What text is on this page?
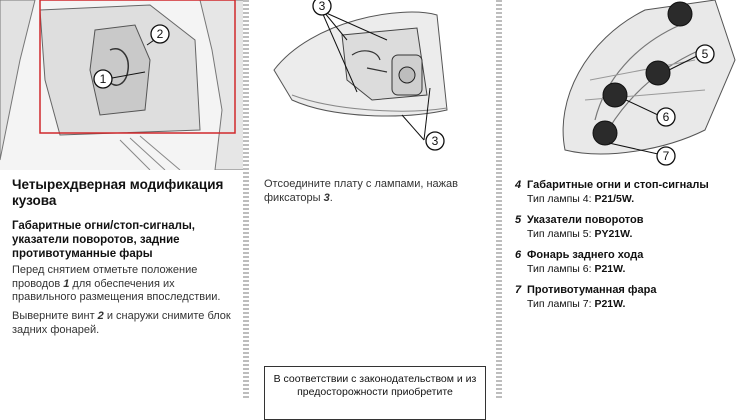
1
2
Четырехдверная модификация кузова
Габаритные огни/стоп-сигналы, указатели поворотов, задние противотуманные фары
Перед снятием отметьте положение проводов 1 для обеспечения их правильного размещения впоследствии.
Выверните винт 2 и снаружи снимите блок задних фонарей.
3
3
Отсоедините плату с лампами, нажав фиксаторы 3.
В соответствии с законодательством и из предосторожности приобретите
5
6
7
4 Габаритные огни и стоп-сигналы
Тип лампы 4: P21/5W.
5 Указатели поворотов
Тип лампы 5: PY21W.
6 Фонарь заднего хода
Тип лампы 6: P21W.
7 Противотуманная фара
Тип лампы 7: P21W.
